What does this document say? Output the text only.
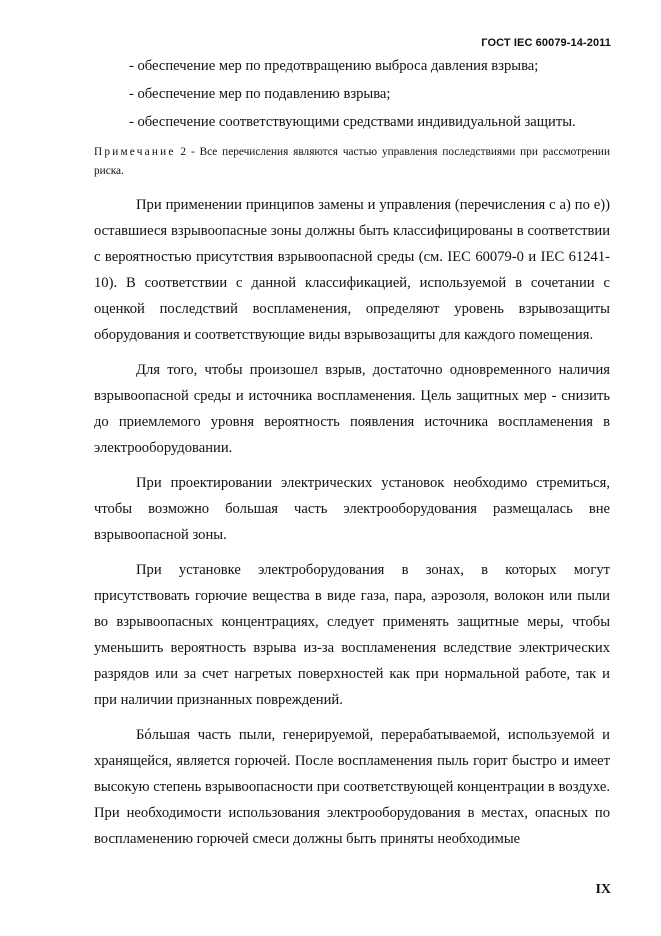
ГОСТ IEC 60079-14-2011
- обеспечение мер по предотвращению выброса давления взрыва;
- обеспечение мер по подавлению взрыва;
- обеспечение соответствующими средствами индивидуальной защиты.
Примечание 2 - Все перечисления являются частью управления последствиями при рассмотрении риска.
При применении принципов замены и управления (перечисления с а) по е)) оставшиеся взрывоопасные зоны должны быть классифицированы в соответствии с вероятностью присутствия взрывоопасной среды (см. IEC 60079-0 и IEC 61241-10). В соответствии с данной классификацией, используемой в сочетании с оценкой последствий воспламенения, определяют уровень взрывозащиты оборудования и соответствующие виды взрывозащиты для каждого помещения.
Для того, чтобы произошел взрыв, достаточно одновременного наличия взрывоопасной среды и источника воспламенения. Цель защитных мер - снизить до приемлемого уровня вероятность появления источника воспламенения в электрооборудовании.
При проектировании электрических установок необходимо стремиться, чтобы возможно большая часть электрооборудования размещалась вне взрывоопасной зоны.
При установке электроборудования в зонах, в которых могут присутствовать горючие вещества в виде газа, пара, аэрозоля, волокон или пыли во взрывоопасных концентрациях, следует применять защитные меры, чтобы уменьшить вероятность взрыва из-за воспламенения вследствие электрических разрядов или за счет нагретых поверхностей как при нормальной работе, так и при наличии признанных повреждений.
Бóльшая часть пыли, генерируемой, перерабатываемой, используемой и хранящейся, является горючей. После воспламенения пыль горит быстро и имеет высокую степень взрывоопасности при соответствующей концентрации в воздухе. При необходимости использования электрооборудования в местах, опасных по воспламенению горючей смеси должны быть приняты необходимые
IX
